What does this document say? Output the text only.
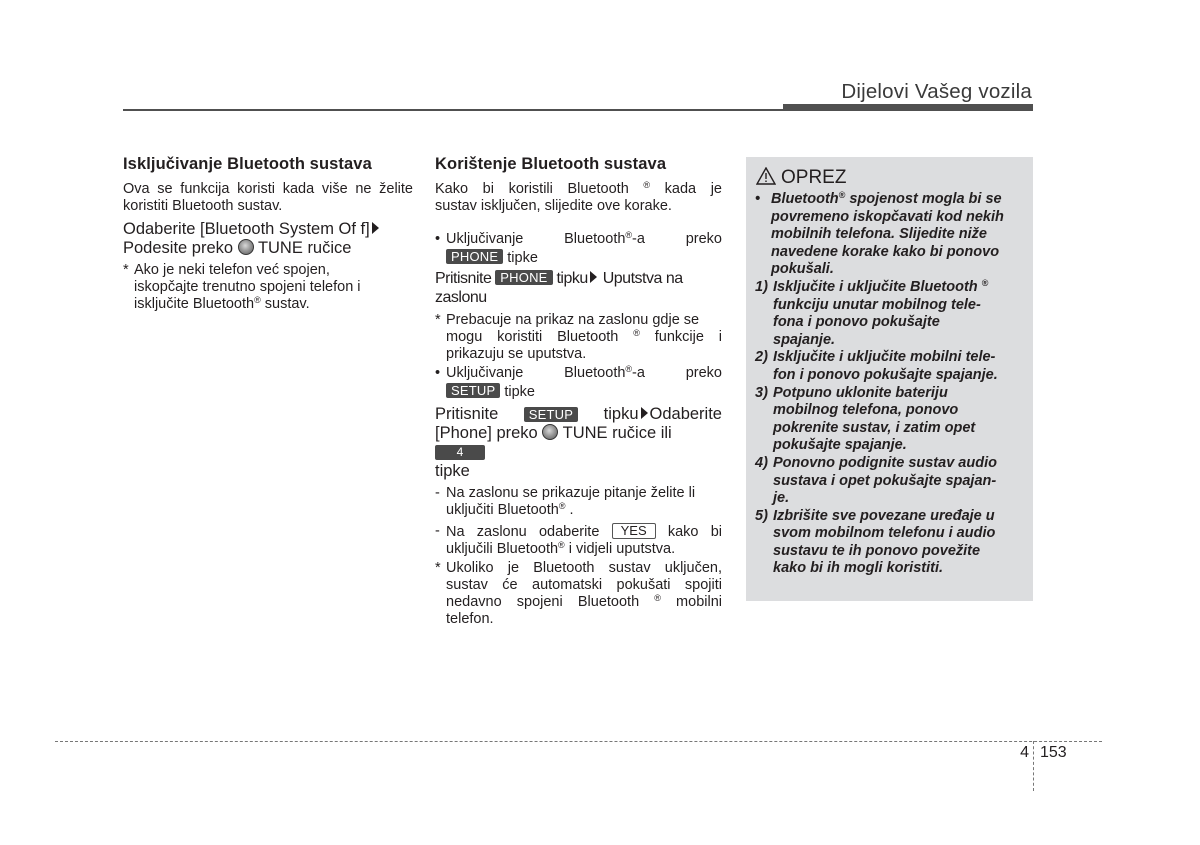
Dijelovi Vašeg vozila
Isključivanje Bluetooth sustava

Ova se funkcija koristi kada više ne želite

koristiti Bluetooth sustav.

Odaberite [Bluetooth System Of f]

Podesite preko  TUNE ručice

* Ako je neki telefon već spojen,

iskopčajte trenutno spojeni telefon i

isključite Bluetooth® sustav.

Korištenje Bluetooth sustava

Kako bi koristili Bluetooth ® kada je

sustav isključen, slijedite ove korake.

• Uključivanje Bluetooth®-a preko

PHONE tipke

Pritisnite PHONE tipku Uputstva na

zaslonu

* Prebacuje na prikaz na zaslonu gdje se

mogu koristiti Bluetooth ® funkcije i

prikazuju se uputstva.

• Uključivanje Bluetooth®-a preko

SETUP tipke

Pritisnite	SETUP	tipku Odaberite

[Phone] preko  TUNE ručice ili 4

tipke

- Na zaslonu se prikazuje pitanje želite li

uključiti Bluetooth® .

- Na zaslonu odaberite YES kako bi

uključili Bluetooth® i vidjeli uputstva.

* Ukoliko je Bluetooth sustav uključen,

sustav će automatski pokušati spojiti

nedavno spojeni Bluetooth ® mobilni

telefon.

OPREZ
• Bluetooth® spojenost mogla bi se

povremeno iskopčavati kod nekih

mobilnih telefona. Slijedite niže

navedene korake kako bi ponovo

pokušali.

1) Isključite i uključite Bluetooth ®

funkciju unutar mobilnog tele-

fona i ponovo pokušajte

spajanje.

2) Isključite i uključite mobilni tele-

fon i ponovo pokušajte spajanje.

3) Potpuno uklonite bateriju

mobilnog telefona, ponovo

pokrenite sustav, i zatim opet

pokušajte spajanje.

4) Ponovno podignite sustav audio

sustava i opet pokušajte spajan-

je.

5) Izbrišite sve povezane uređaje u

svom mobilnom telefonu i audio

sustavu te ih ponovo povežite

kako bi ih mogli koristiti.

4 153
